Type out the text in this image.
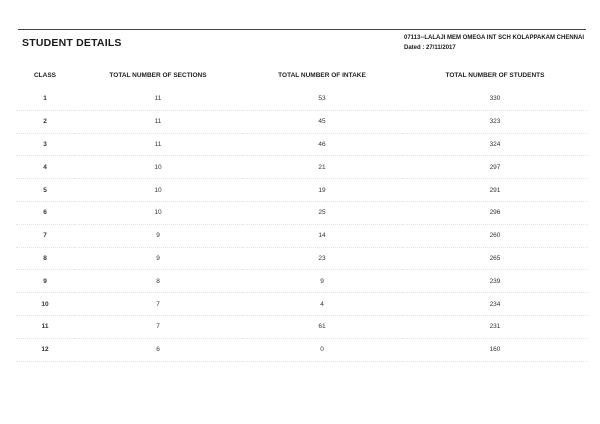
STUDENT DETAILS	07113--LALAJI MEM OMEGA INT SCH KOLAPPAKAM CHENNAI
Dated : 27/11/2017
CLASS	TOTAL NUMBER OF SECTIONS	TOTAL NUMBER OF INTAKE	TOTAL NUMBER OF STUDENTS
1	11	53	330
2	11	45	323
3	11	46	324
4	10	21	297
5	10	19	291
6	10	25	296
7	9	14	260
8	9	23	265
9	8	9	239
10	7	4	234
11	7	61	231
12	6	0	160
